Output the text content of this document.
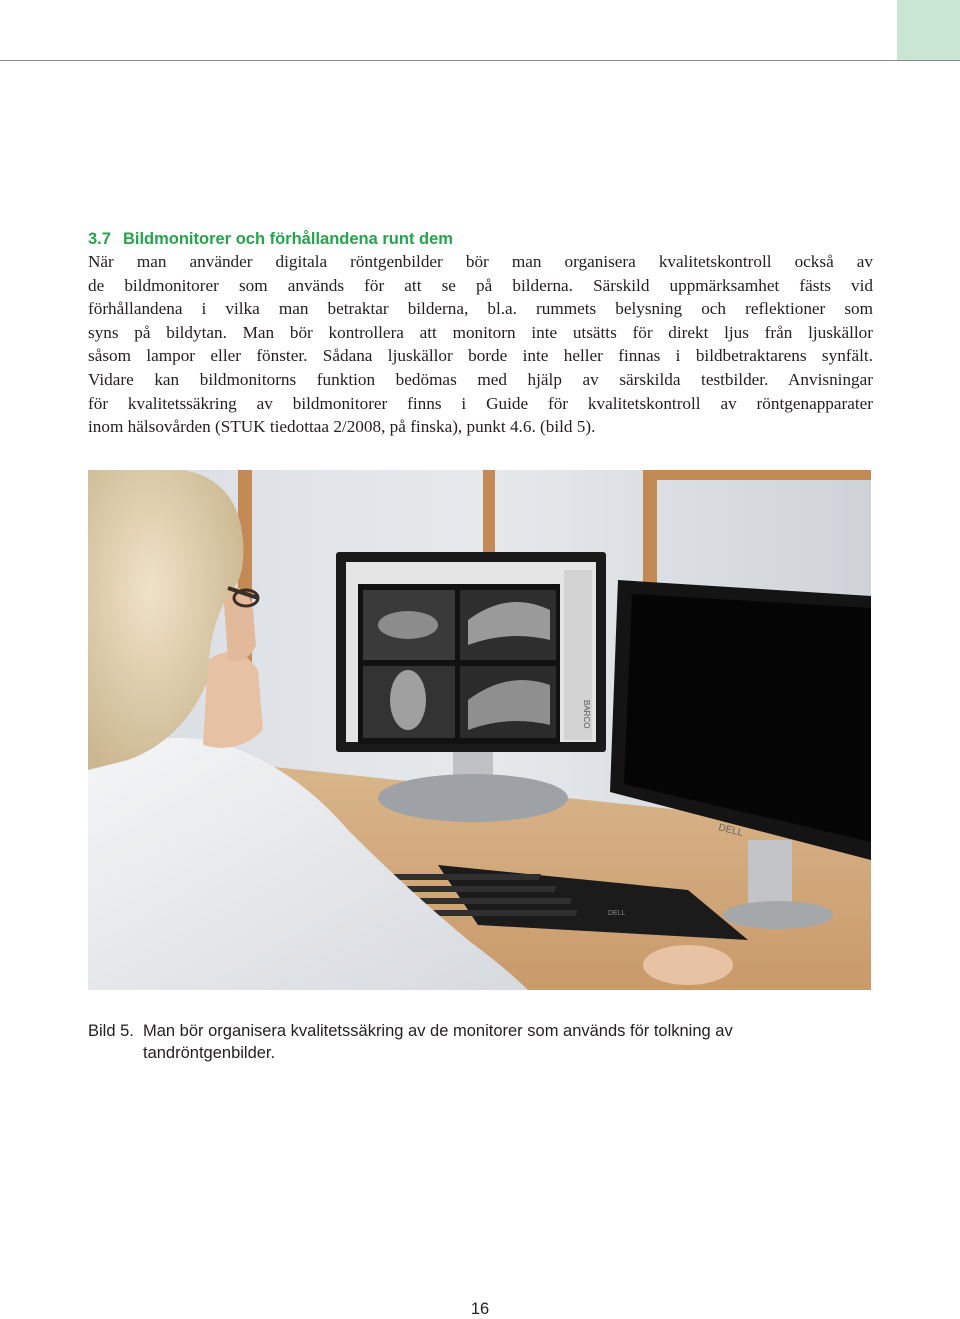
3.7 Bildmonitorer och förhållandena runt dem

När man använder digitala röntgenbilder bör man organisera kvalitetskontroll också av
de bildmonitorer som används för att se på bilderna. Särskild uppmärksamhet fästs vid
förhållandena i vilka man betraktar bilderna, bl.a. rummets belysning och reflektioner som
syns på bildytan. Man bör kontrollera att monitorn inte utsätts för direkt ljus från ljuskällor
såsom lampor eller fönster. Sådana ljuskällor borde inte heller finnas i bildbetraktarens synfält.
Vidare kan bildmonitorns funktion bedömas med hjälp av särskilda testbilder. Anvisningar
för kvalitetssäkring av bildmonitorer finns i Guide för kvalitetskontroll av röntgenapparater
inom hälsovården (STUK tiedottaa 2/2008, på finska), punkt 4.6. (bild 5).

BARCO
DELL
DELL
Bild 5. Man bör organisera kvalitetssäkring av de monitorer som används för tolkning av
tandröntgenbilder.
16
